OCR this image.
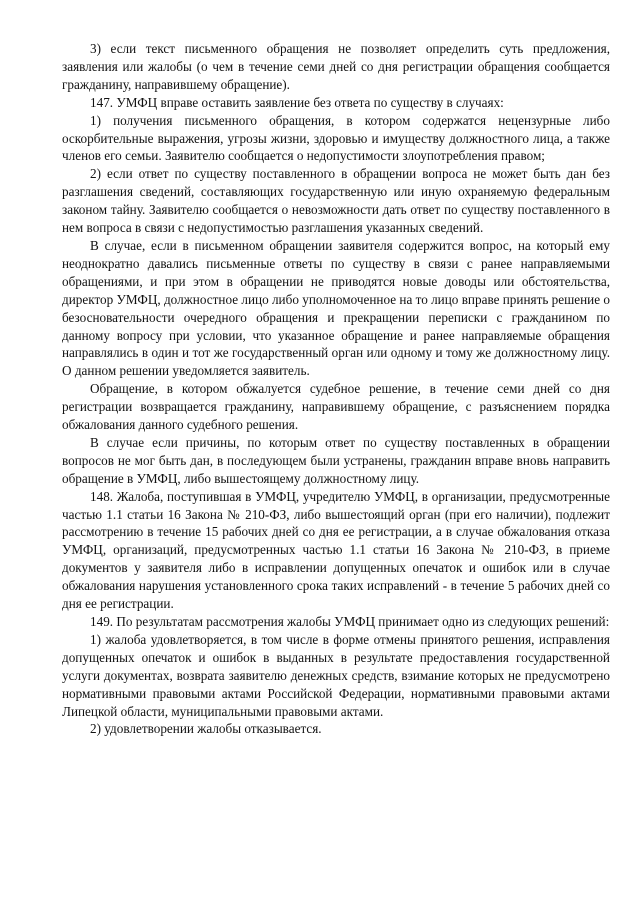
3) если текст письменного обращения не позволяет определить суть предложения, заявления или жалобы (о чем в течение семи дней со дня регистрации обращения сообщается гражданину, направившему обращение).

147. УМФЦ вправе оставить заявление без ответа по существу в случаях:

1) получения письменного обращения, в котором содержатся нецензурные либо оскорбительные выражения, угрозы жизни, здоровью и имуществу должностного лица, а также членов его семьи. Заявителю сообщается о недопустимости злоупотребления правом;

2) если ответ по существу поставленного в обращении вопроса не может быть дан без разглашения сведений, составляющих государственную или иную охраняемую федеральным законом тайну. Заявителю сообщается о невозможности дать ответ по существу поставленного в нем вопроса в связи с недопустимостью разглашения указанных сведений.

В случае, если в письменном обращении заявителя содержится вопрос, на который ему неоднократно давались письменные ответы по существу в связи с ранее направляемыми обращениями, и при этом в обращении не приводятся новые доводы или обстоятельства, директор УМФЦ, должностное лицо либо уполномоченное на то лицо вправе принять решение о безосновательности очередного обращения и прекращении переписки с гражданином по данному вопросу при условии, что указанное обращение и ранее направляемые обращения направлялись в один и тот же государственный орган или одному и тому же должностному лицу. О данном решении уведомляется заявитель.

Обращение, в котором обжалуется судебное решение, в течение семи дней со дня регистрации возвращается гражданину, направившему обращение, с разъяснением порядка обжалования данного судебного решения.

В случае если причины, по которым ответ по существу поставленных в обращении вопросов не мог быть дан, в последующем были устранены, гражданин вправе вновь направить обращение в УМФЦ, либо вышестоящему должностному лицу.

148. Жалоба, поступившая в УМФЦ, учредителю УМФЦ, в организации, предусмотренные частью 1.1 статьи 16 Закона № 210-ФЗ, либо вышестоящий орган (при его наличии), подлежит рассмотрению в течение 15 рабочих дней со дня ее регистрации, а в случае обжалования отказа УМФЦ, организаций, предусмотренных частью 1.1 статьи 16 Закона № 210-ФЗ, в приеме документов у заявителя либо в исправлении допущенных опечаток и ошибок или в случае обжалования нарушения установленного срока таких исправлений - в течение 5 рабочих дней со дня ее регистрации.

149. По результатам рассмотрения жалобы УМФЦ принимает одно из следующих решений:

1) жалоба удовлетворяется, в том числе в форме отмены принятого решения, исправления допущенных опечаток и ошибок в выданных в результате предоставления государственной услуги документах, возврата заявителю денежных средств, взимание которых не предусмотрено нормативными правовыми актами Российской Федерации, нормативными правовыми актами Липецкой области, муниципальными правовыми актами.

2) удовлетворении жалобы отказывается.
